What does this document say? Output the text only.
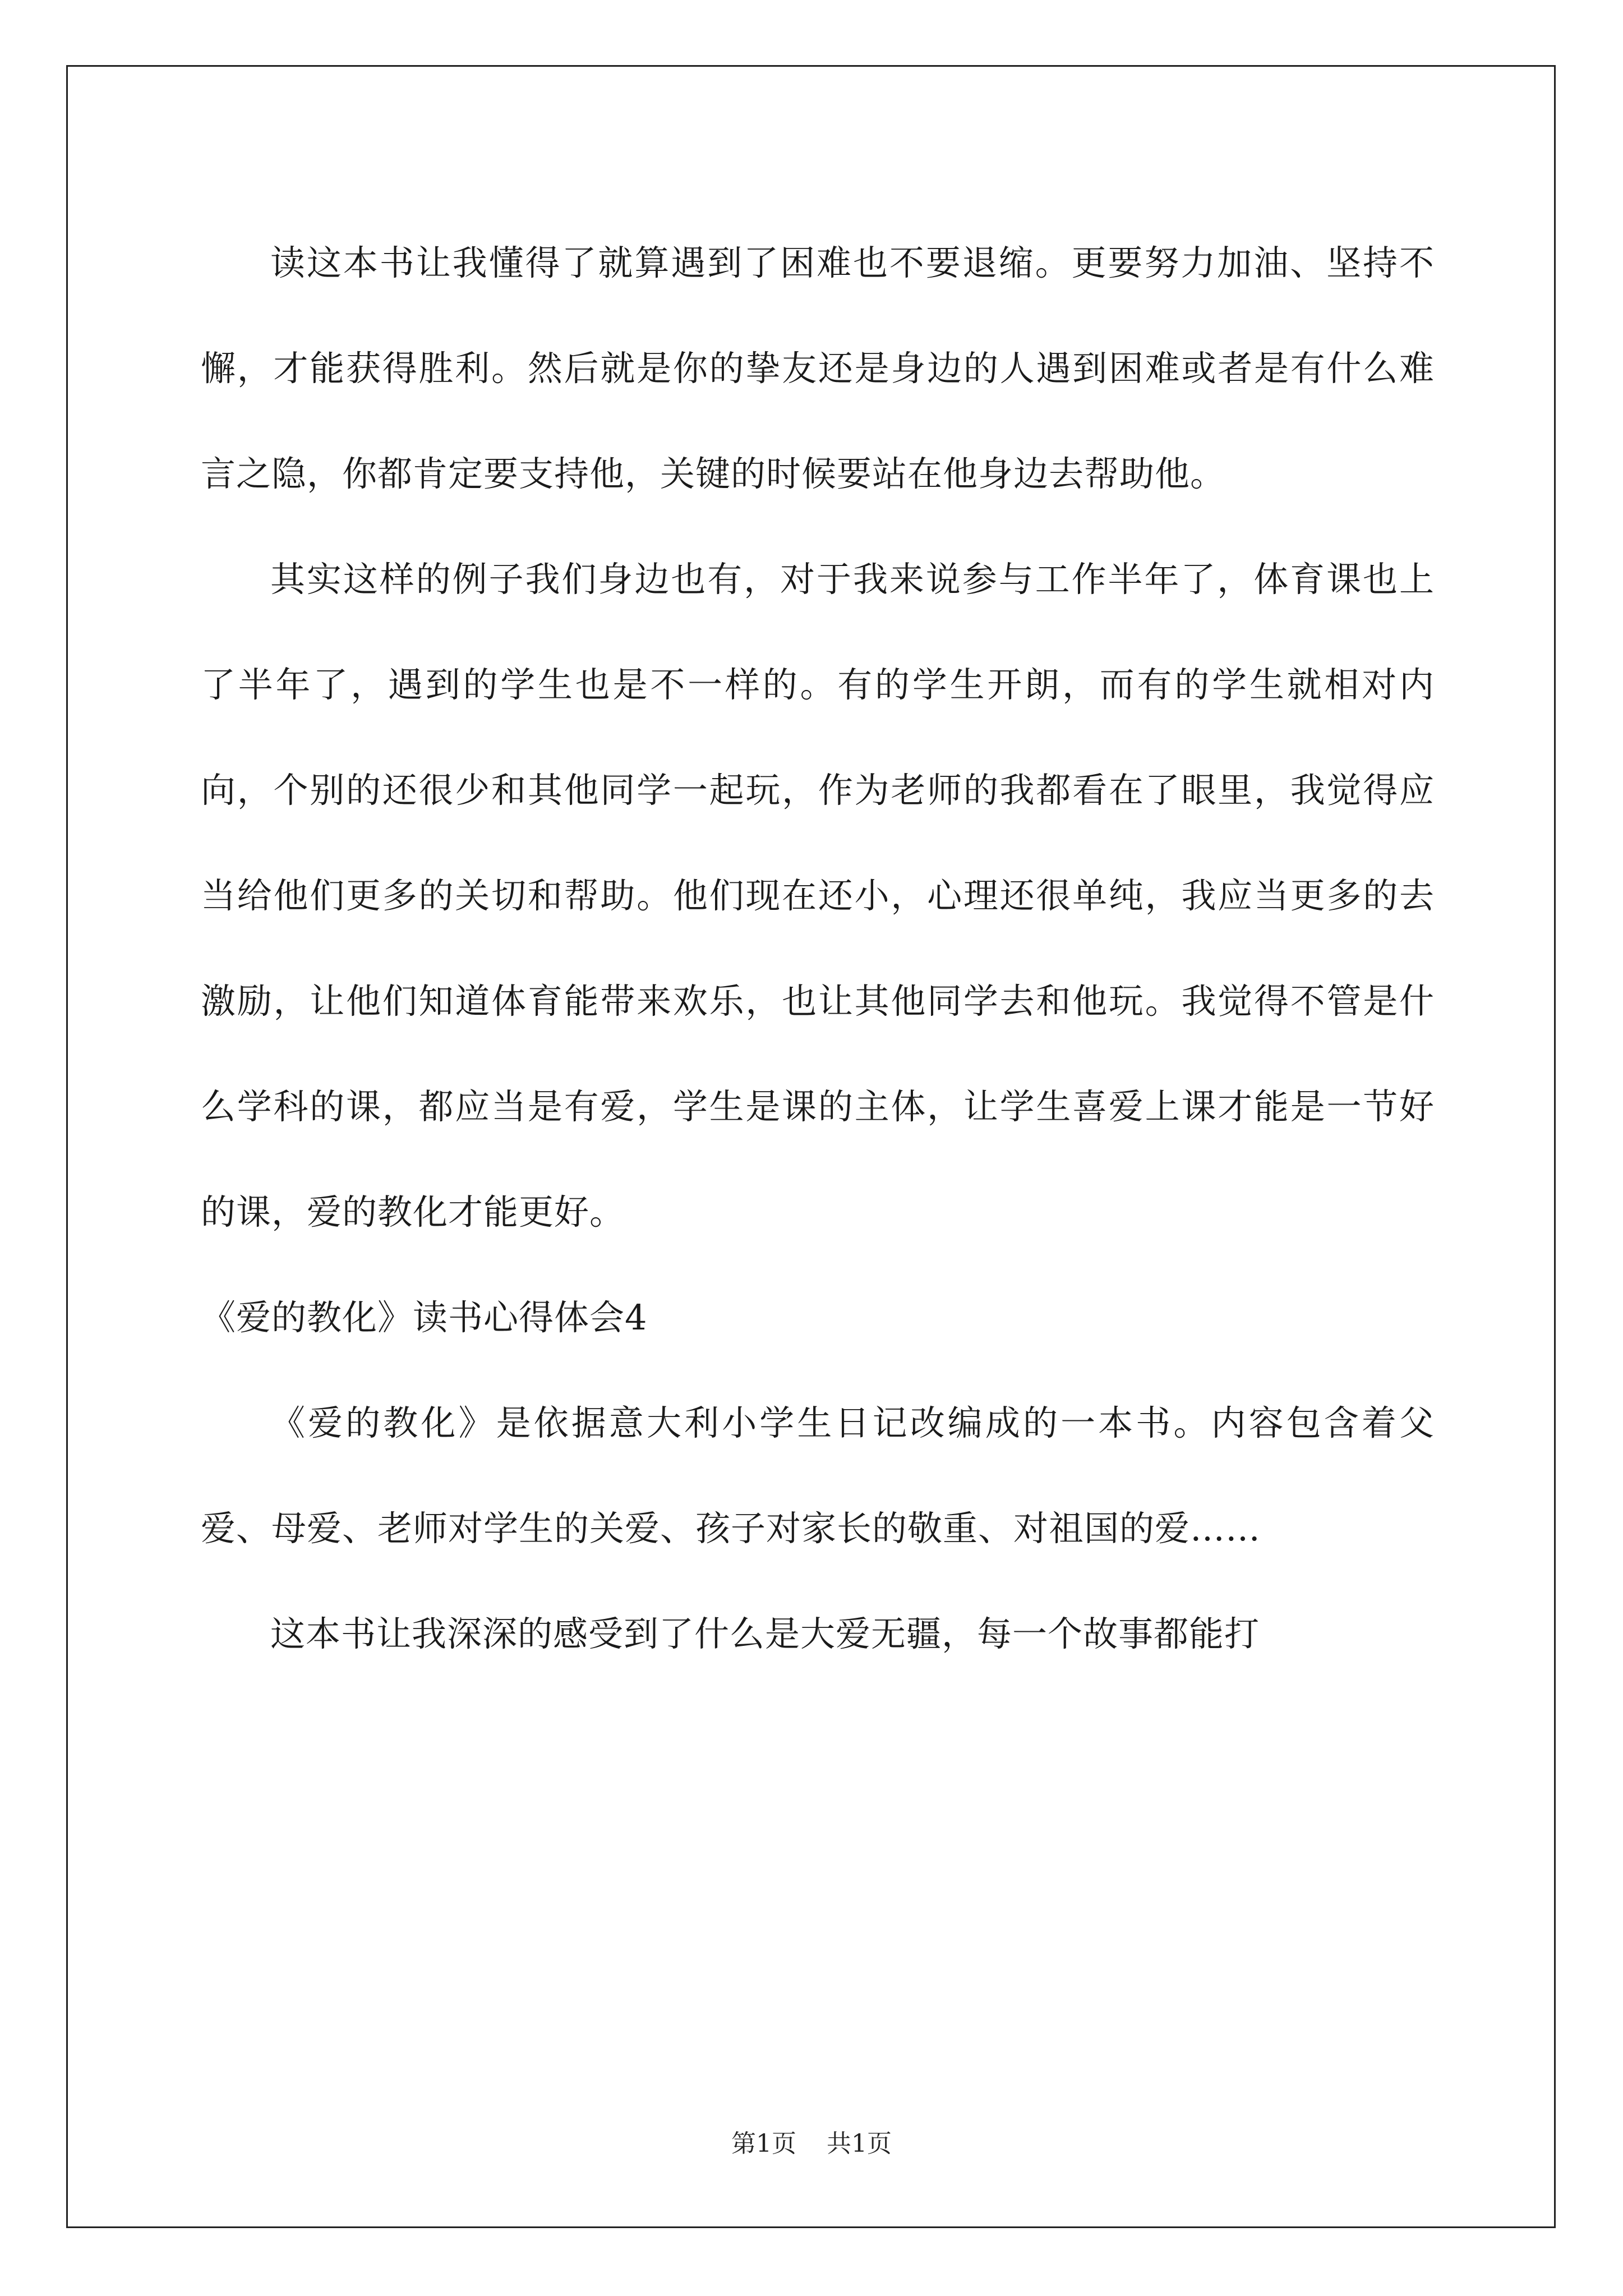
读这本书让我懂得了就算遇到了困难也不要退缩。更要努力加油、坚持不懈，才能获得胜利。然后就是你的挚友还是身边的人遇到困难或者是有什么难言之隐，你都肯定要支持他，关键的时候要站在他身边去帮助他。

其实这样的例子我们身边也有，对于我来说参与工作半年了，体育课也上了半年了，遇到的学生也是不一样的。有的学生开朗，而有的学生就相对内向，个别的还很少和其他同学一起玩，作为老师的我都看在了眼里，我觉得应当给他们更多的关切和帮助。他们现在还小，心理还很单纯，我应当更多的去激励，让他们知道体育能带来欢乐，也让其他同学去和他玩。我觉得不管是什么学科的课，都应当是有爱，学生是课的主体，让学生喜爱上课才能是一节好的课，爱的教化才能更好。

《爱的教化》读书心得体会4

《爱的教化》是依据意大利小学生日记改编成的一本书。内容包含着父爱、母爱、老师对学生的关爱、孩子对家长的敬重、对祖国的爱……

这本书让我深深的感受到了什么是大爱无疆，每一个故事都能打

第1页 共1页
